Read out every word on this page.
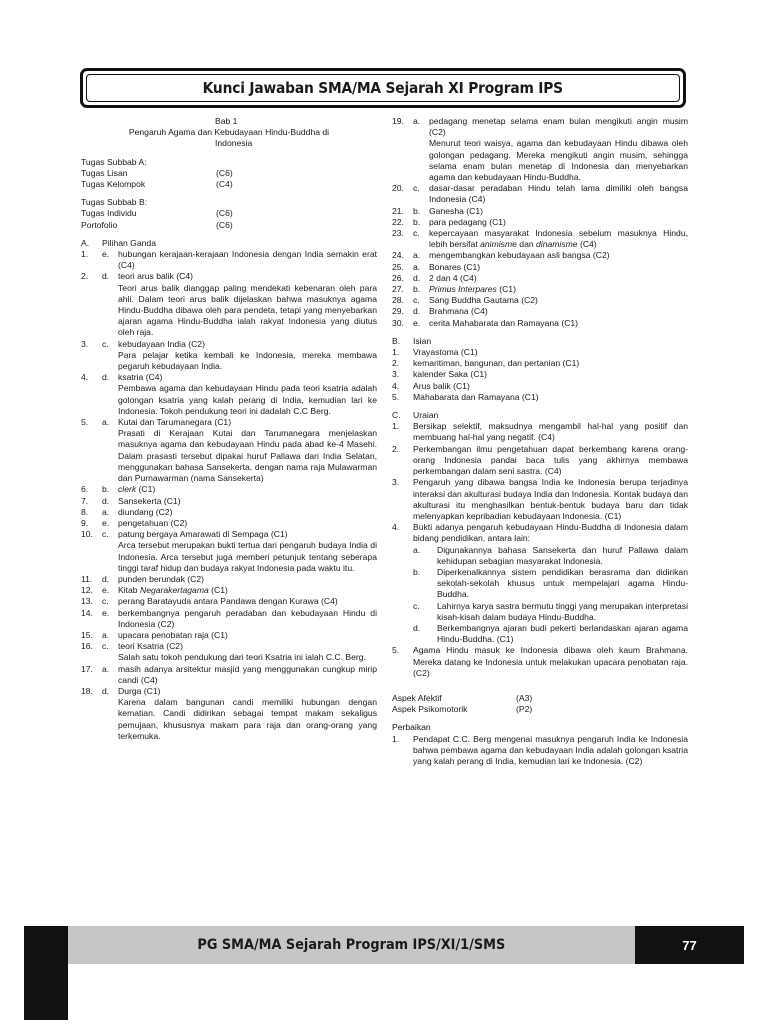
Kunci Jawaban SMA/MA Sejarah XI Program IPS
Bab 1
Pengaruh Agama dan Kebudayaan Hindu-Buddha di
Indonesia
Tugas Subbab A:
Tugas Lisan	(C6)
Tugas Kelompok	(C4)
Tugas Subbab B:
Tugas Individu	(C6)
Portofolio	(C6)
A.	Pilihan Ganda
1.	e.	hubungan kerajaan-kerajaan Indonesia dengan India semakin erat (C4)
2.	d.	teori arus balik (C4)
Teori arus balik dianggap paling mendekati kebenaran oleh para ahli. Dalam teori arus balik dijelaskan bahwa masuknya agama Hindu-Buddha dibawa oleh para pendeta, tetapi yang menyebarkan ajaran agama Hindu-Buddha ialah rakyat Indonesia yang diutus oleh raja.
3.	c.	kebudayaan India (C2)
Para pelajar ketika kembali ke Indonesia, mereka membawa pegaruh kebudayaan India.
4.	d.	ksatria (C4)
Pembawa agama dan kebudayaan Hindu pada teori ksatria adalah golongan ksatria yang kalah perang di India, kemudian lari ke Indonesia. Tokoh pendukung teori ini dadalah C.C Berg.
5.	a.	Kutai dan Tarumanegara (C1)
Prasati di Kerajaan Kutai dan Tarumanegara menjelaskan masuknya agama dan kebudayaan Hindu pada abad ke-4 Masehi. Dalam prasasti tersebut dipakai huruf Pallawa dari India Selatan, menggunakan bahasa Sansekerta, dengan nama raja Mulawarman dan Purnawarman (nama Sansekerta)
6.	b.	clerk (C1)
7.	d.	Sansekerta (C1)
8.	a.	diundang (C2)
9.	e.	pengetahuan (C2)
10.	c.	patung bergaya Amarawati di Sempaga (C1)
Arca tersebut merupakan bukti tertua dari pengaruh budaya India di Indonesia. Arca tersebut juga memberi petunjuk tentang seberapa tinggi taraf hidup dan budaya rakyat Indonesia pada waktu itu.
11.	d.	punden berundak (C2)
12.	e.	Kitab Negarakertagama (C1)
13.	c.	perang Baratayuda antara Pandawa dengan Kurawa (C4)
14.	e.	berkembangnya pengaruh peradaban dan kebudayaan Hindu di Indonesia (C2)
15.	a.	upacara penobatan raja (C1)
16.	c.	teori Ksatria (C2)
Salah satu tokoh pendukung dari teori Ksatria ini ialah C.C. Berg.
17.	a.	masih adanya arsitektur masjid yang menggunakan cungkup mirip candi (C4)
18.	d.	Durga (C1)
Karena dalam bangunan candi memiliki hubungan dengan kematian. Candi didirikan sebagai tempat makam sekaligus pemujaan, khususnya makam para raja dan orang-orang yang terkemuka.
19.	a.	pedagang menetap selama enam bulan mengikuti angin musim (C2)
Menurut teori waisya, agama dan kebudayaan Hindu dibawa oleh golongan pedagang. Mereka mengikuti angin musim, sehingga selama enam bulan menetap di Indonesia dan menyebarkan agama dan kebudayaan Hindu-Buddha.
20.	c.	dasar-dasar peradaban Hindu telah lama dimiliki oleh bangsa Indonesia (C4)
21.	b.	Ganesha (C1)
22.	b.	para pedagang (C1)
23.	c.	kepercayaan masyarakat Indonesia sebelum masuknya Hindu, lebih bersifat animisme dan dinamisme (C4)
24.	a.	mengembangkan kebudayaan asli bangsa (C2)
25.	a.	Bonares (C1)
26.	d.	2 dan 4 (C4)
27.	b.	Primus Interpares (C1)
28.	c.	Sang Buddha Gautama (C2)
29.	d.	Brahmana (C4)
30.	e.	cerita Mahabarata dan Ramayana (C1)
B.	Isian
1.	Vrayastoma (C1)
2.	kemaritiman, bangunan, dan pertanian (C1)
3.	kalender Saka (C1)
4.	Arus balik (C1)
5.	Mahabarata dan Ramayana (C1)
C.	Uraian
1.	Bersikap selektif, maksudnya mengambil hal-hal yang positif dan membuang hal-hal yang negatif. (C4)
2.	Perkembangan ilmu pengetahuan dapat berkembang karena orang-orang Indonesia pandai baca tulis yang akhirnya membawa perkembangan dalam seni sastra. (C4)
3.	Pengaruh yang dibawa bangsa India ke Indonesia berupa terjadinya interaksi dan akulturasi budaya India dan Indonesia. Kontak budaya dan akulturasi itu menghasilkan bentuk-bentuk budaya baru dan tidak melenyapkan kepribadian kebudayaan Indonesia. (C1)
4.	Bukti adanya pengaruh kebudayaan Hindu-Buddha di Indonesia dalam bidang pendidikan, antara lain:
a.	Digunakannya bahasa Sansekerta dan huruf Pallawa dalam kehidupan sebagian masyarakat Indonesia.
b.	Diperkenalkannya sistem pendidikan berasrama dan didirikan sekolah-sekolah khusus untuk mempelajari agama Hindu-Buddha.
c.	Lahirnya karya sastra bermutu tinggi yang merupakan interpretasi kisah-kisah dalam budaya Hindu-Buddha.
d.	Berkembangnya ajaran budi pekerti berlandaskan ajaran agama Hindu-Buddha. (C1)
5.	Agama Hindu masuk ke Indonesia dibawa oleh kaum Brahmana. Mereka datang ke Indonesia untuk melakukan upacara penobatan raja. (C2)
Aspek Afektif	(A3)
Aspek Psikomotorik	(P2)
Perbaikan
1.	Pendapat C.C. Berg mengenai masuknya pengaruh India ke Indonesia bahwa pembawa agama dan kebudayaan India adalah golongan ksatria yang kalah perang di India, kemudian lari ke Indonesia. (C2)
PG SMA/MA Sejarah Program IPS/XI/1/SMS	77
